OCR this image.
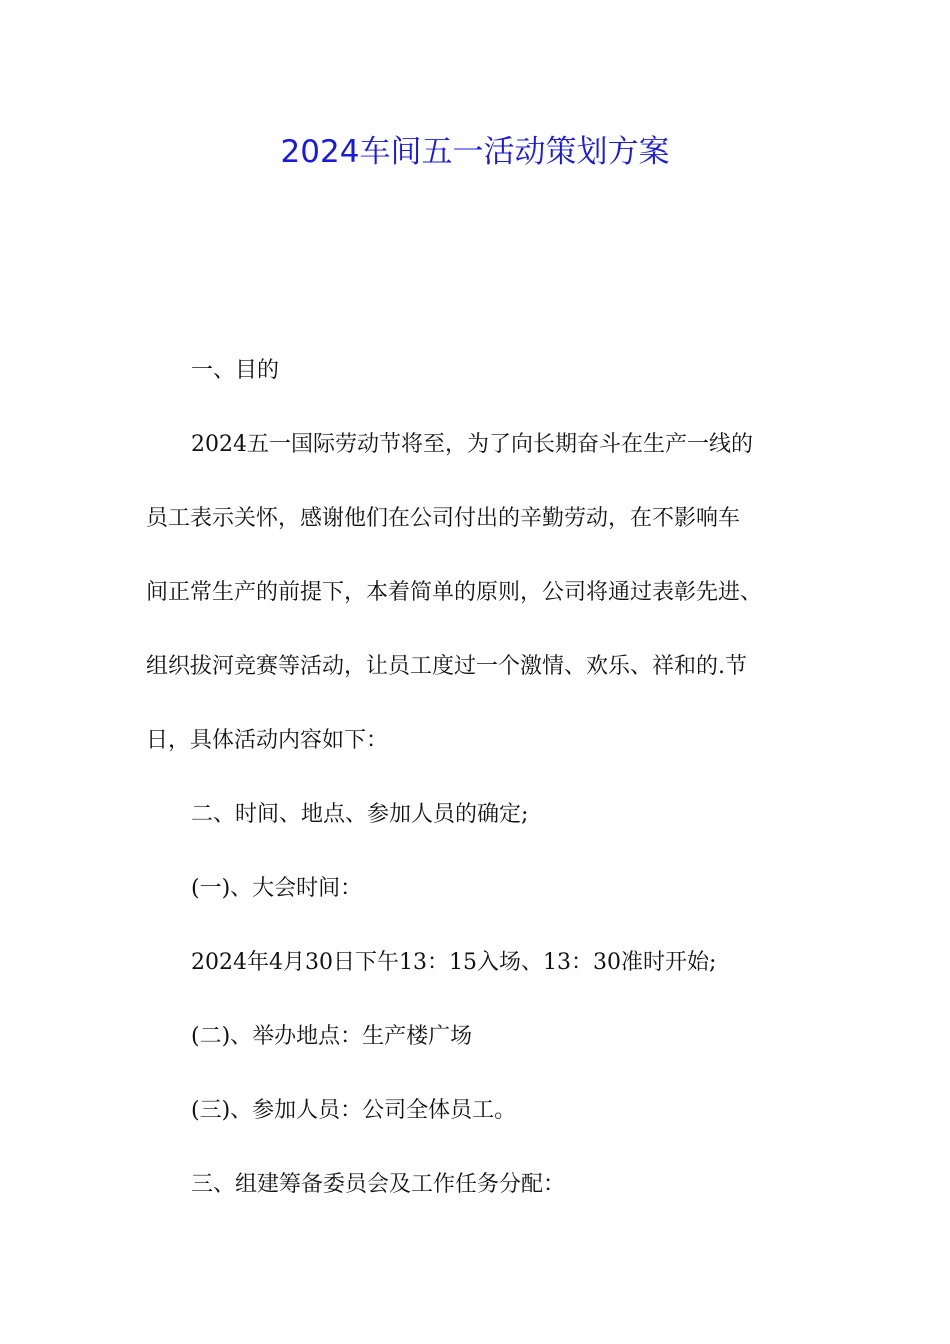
2024车间五一活动策划方案
一、目的
2024五一国际劳动节将至，为了向长期奋斗在生产一线的
员工表示关怀，感谢他们在公司付出的辛勤劳动，在不影响车
间正常生产的前提下，本着简单的原则，公司将通过表彰先进、
组织拔河竞赛等活动，让员工度过一个激情、欢乐、祥和的.节
日，具体活动内容如下：
二、时间、地点、参加人员的确定;
(一)、大会时间：
2024年4月30日下午13：15入场、13：30准时开始;
(二)、举办地点：生产楼广场
(三)、参加人员：公司全体员工。
三、组建筹备委员会及工作任务分配：
